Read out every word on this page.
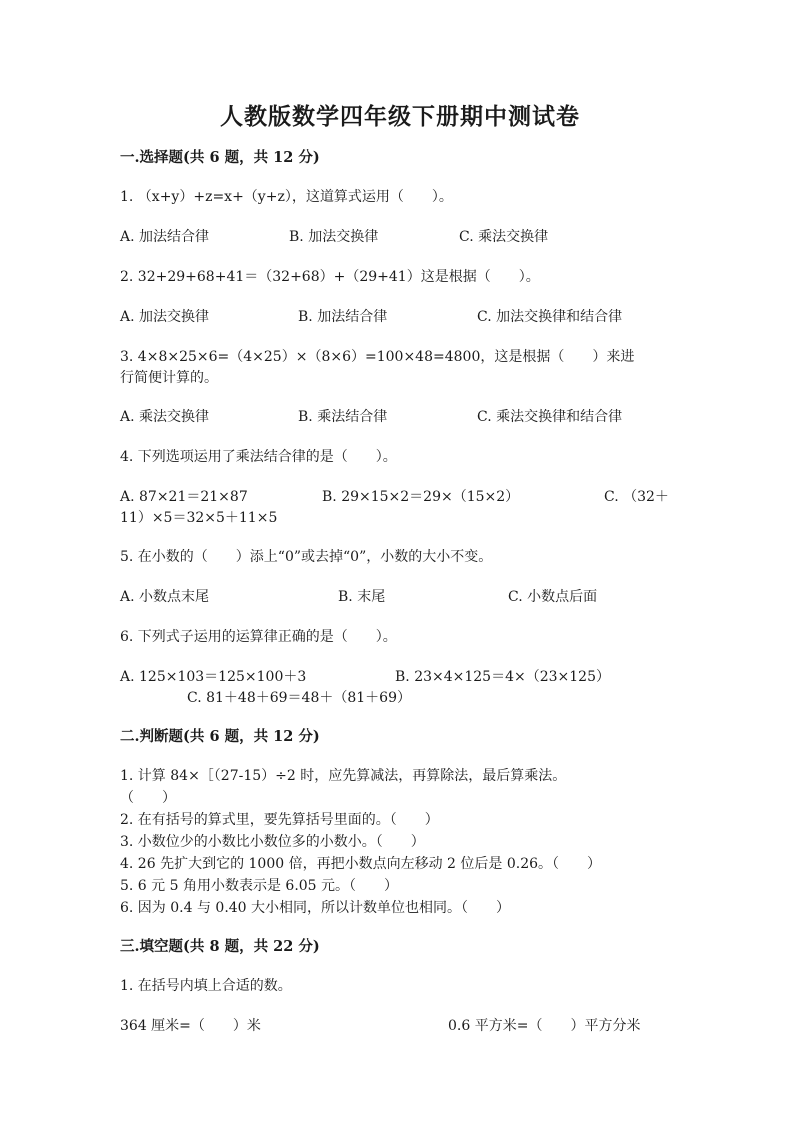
人教版数学四年级下册期中测试卷
一.选择题(共 6 题，共 12 分)
1. （x+y）+z=x+（y+z），这道算式运用（　　）。
A. 加法结合律	B. 加法交换律	C. 乘法交换律
2. 32+29+68+41＝（32+68）+（29+41）这是根据（　　）。
A. 加法交换律	B. 加法结合律	C. 加法交换律和结合律
3. 4×8×25×6=（4×25）×（8×6）=100×48=4800，这是根据（　　）来进
行简便计算的。
A. 乘法交换律	B. 乘法结合律	C. 乘法交换律和结合律
4. 下列选项运用了乘法结合律的是（　　）。
A. 87×21＝21×87	B. 29×15×2＝29×（15×2）	C. （32＋
11）×5＝32×5＋11×5
5. 在小数的（　　）添上“0”或去掉“0”，小数的大小不变。
A. 小数点末尾	B. 末尾	C. 小数点后面
6. 下列式子运用的运算律正确的是（　　）。
A. 125×103＝125×100＋3	B. 23×4×125＝4×（23×125）
C. 81＋48＋69＝48＋（81＋69）
二.判断题(共 6 题，共 12 分)
1. 计算 84×［（27-15）÷2 时，应先算减法，再算除法，最后算乘法。
（　　）
2. 在有括号的算式里，要先算括号里面的。（　　）
3. 小数位少的小数比小数位多的小数小。（　　）
4. 26 先扩大到它的 1000 倍，再把小数点向左移动 2 位后是 0.26。（　　）
5. 6 元 5 角用小数表示是 6.05 元。（　　）
6. 因为 0.4 与 0.40 大小相同，所以计数单位也相同。（　　）
三.填空题(共 8 题，共 22 分)
1. 在括号内填上合适的数。
364 厘米=（　　）米	0.6 平方米=（　　）平方分米
